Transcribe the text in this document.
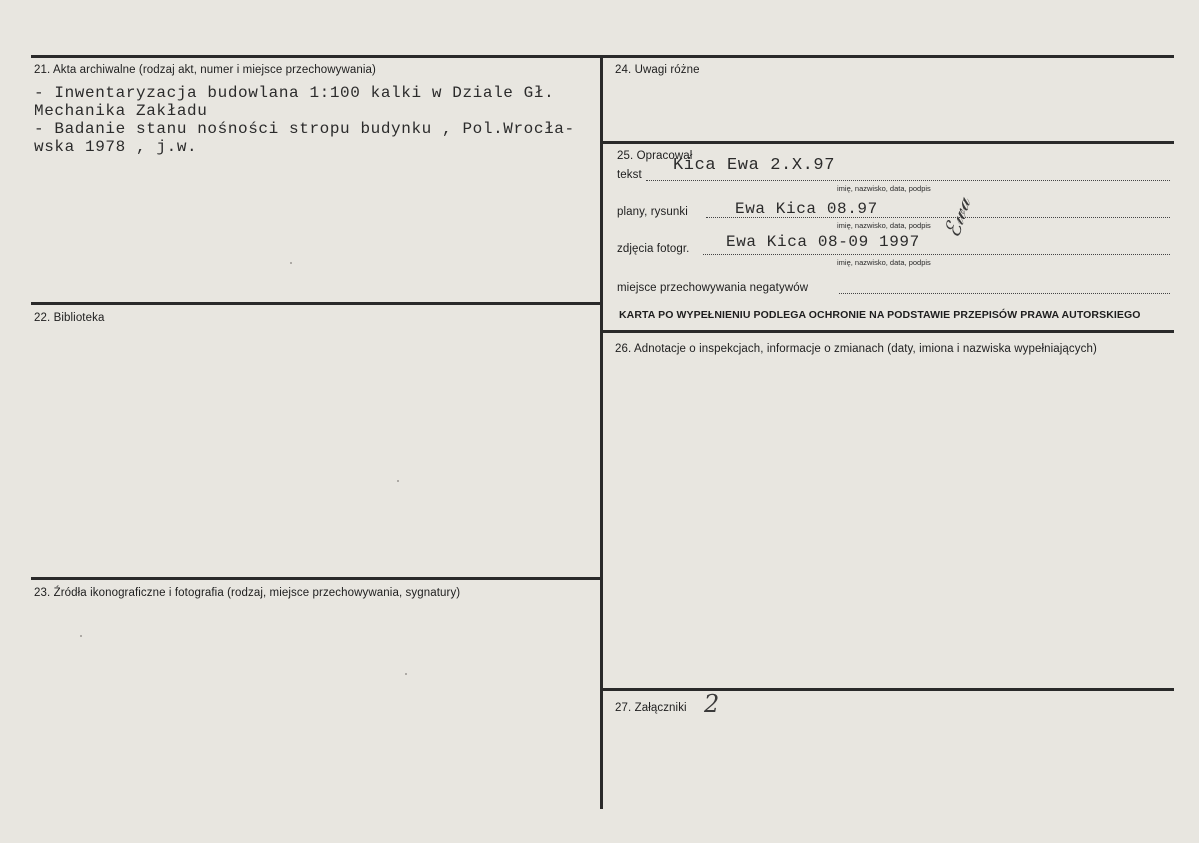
21. Akta archiwalne (rodzaj akt, numer i miejsce przechowywania)
- Inwentaryzacja budowlana 1:100 kalki w Dziale Gł.
Mechanika Zakładu
- Badanie stanu nośności stropu budynku , Pol.Wrocła-
wska 1978 , j.w.
22. Biblioteka
23. Źródła ikonograficzne i fotografia (rodzaj, miejsce przechowywania, sygnatury)
24. Uwagi różne
25. Opracował
tekst Kica Ewa 2.X.97
imię, nazwisko, data, podpis
plany, rysunki	Ewa Kica 08.97
imię, nazwisko, data, podpis
zdjęcia fotogr. Ewa Kica 08-09 1997
imię, nazwisko, data, podpis
ℰ𝓌𝒶
miejsce przechowywania negatywów
KARTA PO WYPEŁNIENIU PODLEGA OCHRONIE NA PODSTAWIE PRZEPISÓW PRAWA AUTORSKIEGO
26. Adnotacje o inspekcjach, informacje o zmianach (daty, imiona i nazwiska wypełniających)
27. Załączniki 2
